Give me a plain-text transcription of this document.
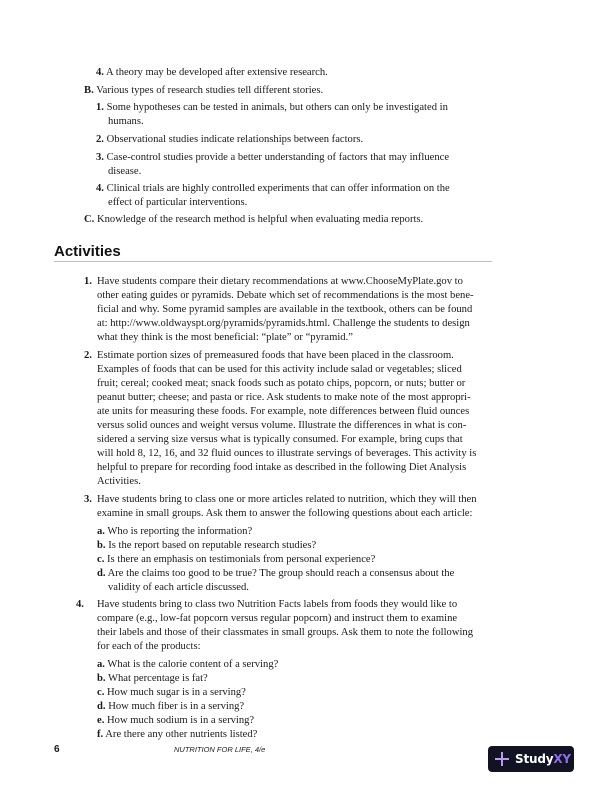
4. A theory may be developed after extensive research.
B. Various types of research studies tell different stories.
1. Some hypotheses can be tested in animals, but others can only be investigated in
humans.
2. Observational studies indicate relationships between factors.
3. Case-control studies provide a better understanding of factors that may influence
disease.
4. Clinical trials are highly controlled experiments that can offer information on the
effect of particular interventions.
C. Knowledge of the research method is helpful when evaluating media reports.
Activities
1. Have students compare their dietary recommendations at www.ChooseMyPlate.gov to
other eating guides or pyramids. Debate which set of recommendations is the most bene-
ficial and why. Some pyramid samples are available in the textbook, others can be found
at: http://www.oldwayspt.org/pyramids/pyramids.html. Challenge the students to design
what they think is the most beneficial: “plate” or “pyramid.”
2. Estimate portion sizes of premeasured foods that have been placed in the classroom.
Examples of foods that can be used for this activity include salad or vegetables; sliced
fruit; cereal; cooked meat; snack foods such as potato chips, popcorn, or nuts; butter or
peanut butter; cheese; and pasta or rice. Ask students to make note of the most appropri-
ate units for measuring these foods. For example, note differences between fluid ounces
versus solid ounces and weight versus volume. Illustrate the differences in what is con-
sidered a serving size versus what is typically consumed. For example, bring cups that
will hold 8, 12, 16, and 32 fluid ounces to illustrate servings of beverages. This activity is
helpful to prepare for recording food intake as described in the following Diet Analysis
Activities.
3. Have students bring to class one or more articles related to nutrition, which they will then
examine in small groups. Ask them to answer the following questions about each article:
a. Who is reporting the information?
b. Is the report based on reputable research studies?
c. Is there an emphasis on testimonials from personal experience?
d. Are the claims too good to be true? The group should reach a consensus about the
validity of each article discussed.
4. Have students bring to class two Nutrition Facts labels from foods they would like to
compare (e.g., low-fat popcorn versus regular popcorn) and instruct them to examine
their labels and those of their classmates in small groups. Ask them to note the following
for each of the products:
a. What is the calorie content of a serving?
b. What percentage is fat?
c. How much sugar is in a serving?
d. How much fiber is in a serving?
e. How much sodium is in a serving?
f. Are there any other nutrients listed?
6	NUTRITION FOR LIFE, 4/e
StudyXY
